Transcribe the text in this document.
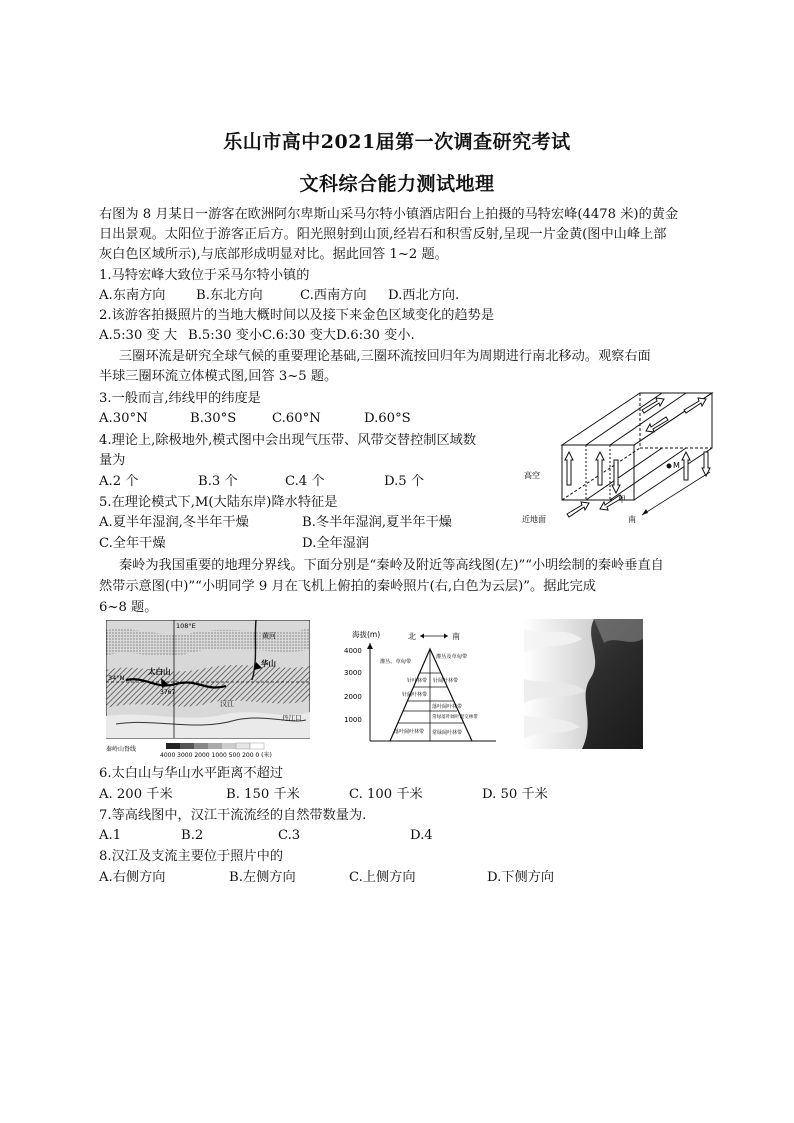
乐山市高中2021届第一次调查研究考试
文科综合能力测试地理
右图为 8 月某日一游客在欧洲阿尔卑斯山采马尔特小镇酒店阳台上拍摄的马特宏峰(4478 米)的黄金
日出景观。太阳位于游客正后方。阳光照射到山顶,经岩石和积雪反射,呈现一片金黄(图中山峰上部
灰白色区域所示),与底部形成明显对比。据此回答 1~2 题。
1.马特宏峰大致位于采马尔特小镇的
A.东南方向 B.东北方向	C.西南方向 D.西北方向.
2.该游客拍摄照片的当地大概时间以及接下来金色区域变化的趋势是
A.5:30 变 大 B.5:30 变小 C.6:30 变大 D.6:30 变小.
三圈环流是研究全球气候的重要理论基础,三圈环流按回归年为周期进行南北移动。观察右面
半球三圈环流立体模式图,回答 3~5 题。
3.一般而言,纬线甲的纬度是
A.30°N	B.30°S	C.60°N	D.60°S
4.理论上,除极地外,模式图中会出现气压带、风带交替控制区域数
量为
A.2 个	B.3 个	C.4 个	D.5 个
5.在理论模式下,M(大陆东岸)降水特征是
A.夏半年湿润,冬半年干燥	B.冬半年湿润,夏半年干燥
C.全年干燥	D.全年湿润
M
高空
近地面
甲
南
秦岭为我国重要的地理分界线。下面分别是“秦岭及附近等高线图(左)”“小明绘制的秦岭垂直自
然带示意图(中)”“小明同学 9 月在飞机上俯拍的秦岭照片(右,白色为云层)”。据此完成
6~8 题。
108°E
34°N
黄河
华山
太白山
3767
汉江
丹江口
秦岭山脊线
4000 3000 2000 1000 500 200 0 (米)
海拔(m)
4000
3000
2000
1000
北	南
灌丛、草甸带
灌丛及草甸带
针叶林带 针阔叶林带
针阔叶林带
落叶阔叶林带
常绿落叶阔叶混交林带
落叶阔叶林带 常绿阔叶林带
6.太白山与华山水平距离不超过
A. 200 千米	B. 150 千米	C. 100 千米	D. 50 千米
7.等高线图中，汉江干流流经的自然带数量为.
A.1	B.2	C.3	D.4
8.汉江及支流主要位于照片中的
A.右侧方向	B.左侧方向	C.上侧方向	D.下侧方向
